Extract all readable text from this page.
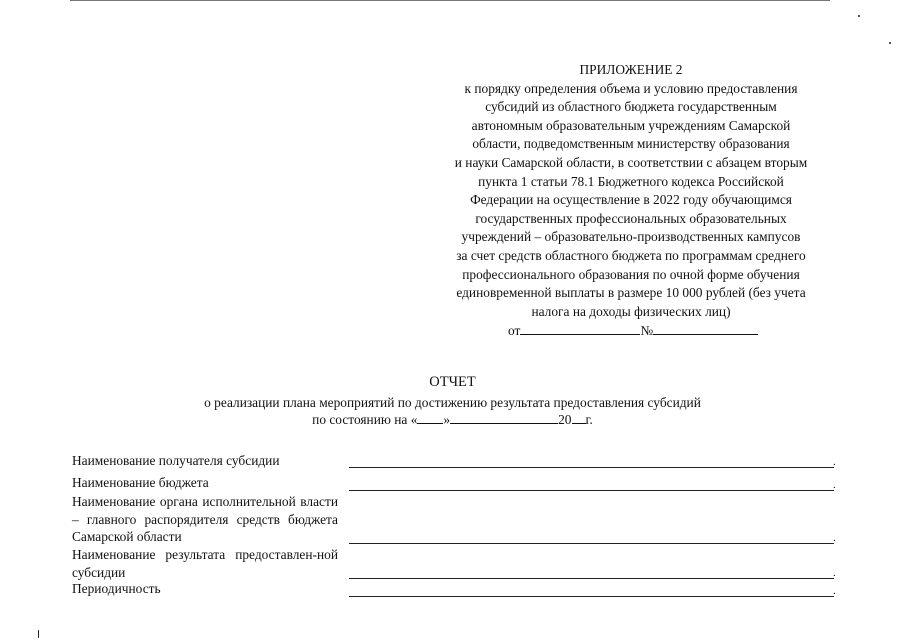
ПРИЛОЖЕНИЕ 2
к порядку определения объема и условию предоставления
субсидий из областного бюджета государственным
автономным образовательным учреждениям Самарской
области, подведомственным министерству образования
и науки Самарской области, в соответствии с абзацем вторым
пункта 1 статьи 78.1 Бюджетного кодекса Российской
Федерации на осуществление в 2022 году обучающимся
государственных профессиональных образовательных
учреждений – образовательно-производственных кампусов
за счет средств областного бюджета по программам среднего
профессионального образования по очной форме обучения
единовременной выплаты в размере 10 000 рублей (без учета
налога на доходы физических лиц)
от	№
ОТЧЕТ
о реализации плана мероприятий по достижению результата предоставления субсидий
по состоянию на « »	20 г.
Наименование получателя субсидии	.
Наименование бюджета	.
Наименование органа исполнительной власти – главного распорядителя средств бюджета Самарской области	.
Наименование результата предоставлен-ной субсидии	.
Периодичность	.
